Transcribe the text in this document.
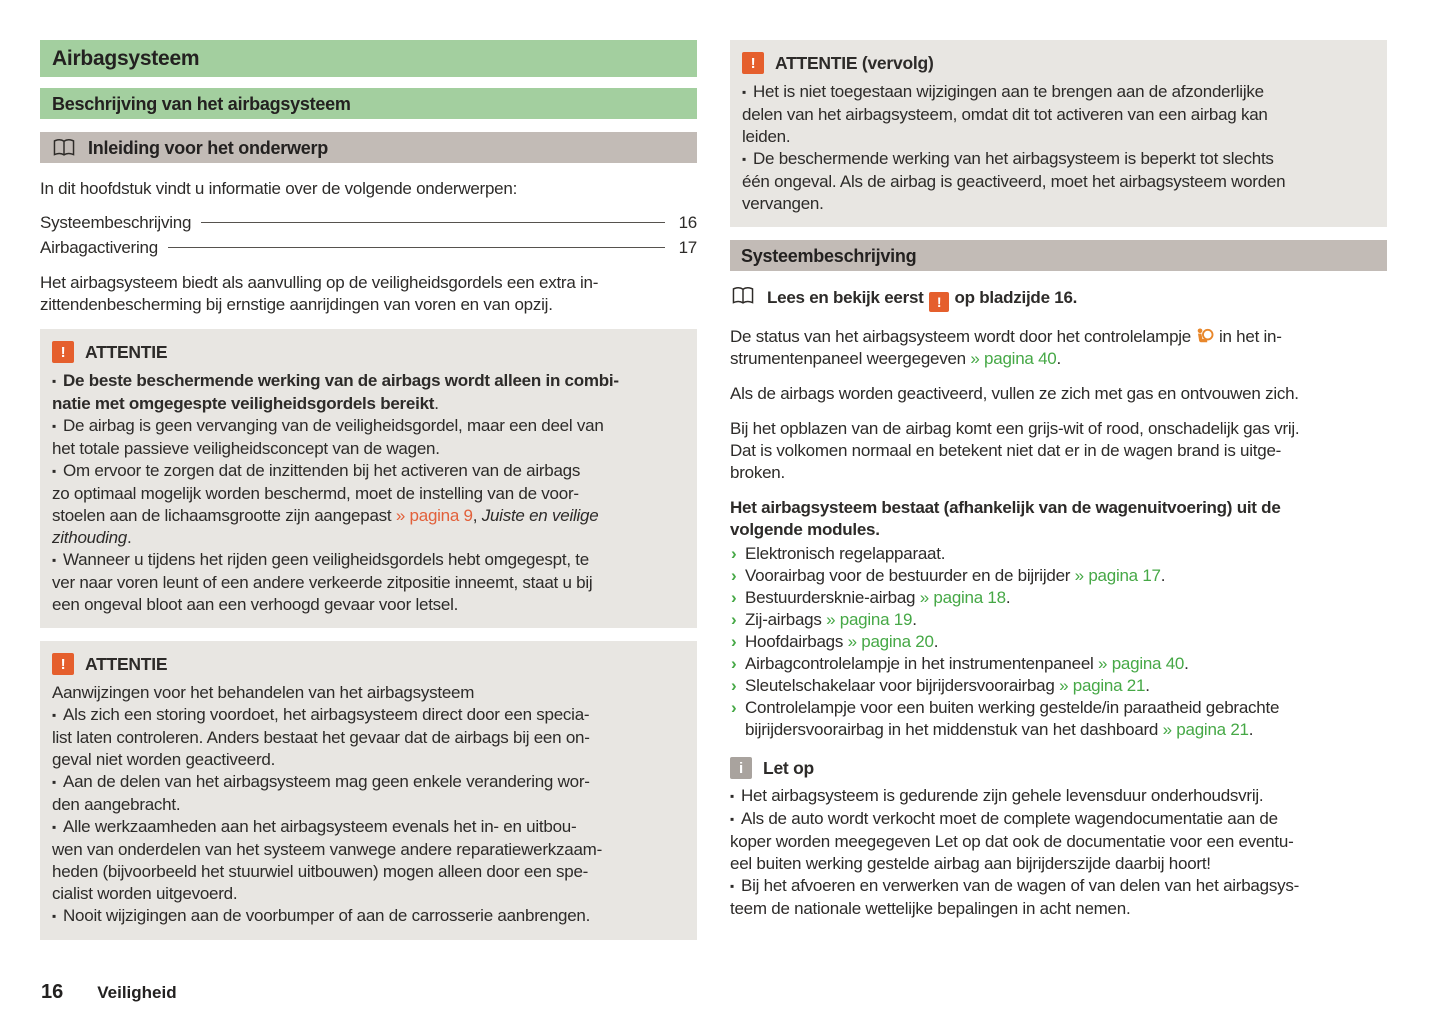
Airbagsysteem
Beschrijving van het airbagsysteem
Inleiding voor het onderwerp

In dit hoofdstuk vindt u informatie over de volgende onderwerpen:

Systeembeschrijving	16
Airbagactivering	17

Het airbagsysteem biedt als aanvulling op de veiligheidsgordels een extra in-
zittendenbescherming bij ernstige aanrijdingen van voren en van opzij.

!	ATTENTIE

▪ De beste beschermende werking van de airbags wordt alleen in combi-
natie met omgegespte veiligheidsgordels bereikt.

▪ De airbag is geen vervanging van de veiligheidsgordel, maar een deel van
het totale passieve veiligheidsconcept van de wagen.

▪ Om ervoor te zorgen dat de inzittenden bij het activeren van de airbags
zo optimaal mogelijk worden beschermd, moet de instelling van de voor-
stoelen aan de lichaamsgrootte zijn aangepast » pagina 9, Juiste en veilige
zithouding.

▪ Wanneer u tijdens het rijden geen veiligheidsgordels hebt omgegespt, te
ver naar voren leunt of een andere verkeerde zitpositie inneemt, staat u bij
een ongeval bloot aan een verhoogd gevaar voor letsel.

!	ATTENTIE

Aanwijzingen voor het behandelen van het airbagsysteem

▪ Als zich een storing voordoet, het airbagsysteem direct door een specia-
list laten controleren. Anders bestaat het gevaar dat de airbags bij een on-
geval niet worden geactiveerd.

▪ Aan de delen van het airbagsysteem mag geen enkele verandering wor-
den aangebracht.

▪ Alle werkzaamheden aan het airbagsysteem evenals het in- en uitbou-
wen van onderdelen van het systeem vanwege andere reparatiewerkzaam-
heden (bijvoorbeeld het stuurwiel uitbouwen) mogen alleen door een spe-
cialist worden uitgevoerd.

▪ Nooit wijzigingen aan de voorbumper of aan de carrosserie aanbrengen.

!	ATTENTIE (vervolg)

▪ Het is niet toegestaan wijzigingen aan te brengen aan de afzonderlijke
delen van het airbagsysteem, omdat dit tot activeren van een airbag kan
leiden.

▪ De beschermende werking van het airbagsysteem is beperkt tot slechts
één ongeval. Als de airbag is geactiveerd, moet het airbagsysteem worden
vervangen.

Systeembeschrijving
Lees en bekijk eerst ! op bladzijde 16.

De status van het airbagsysteem wordt door het controlelampje  in het in-
strumentenpaneel weergegeven » pagina 40.

Als de airbags worden geactiveerd, vullen ze zich met gas en ontvouwen zich.

Bij het opblazen van de airbag komt een grijs-wit of rood, onschadelijk gas vrij.
Dat is volkomen normaal en betekent niet dat er in de wagen brand is uitge-
broken.

Het airbagsysteem bestaat (afhankelijk van de wagenuitvoering) uit de
volgende modules.

› Elektronisch regelapparaat.

› Voorairbag voor de bestuurder en de bijrijder » pagina 17.

› Bestuurdersknie-airbag » pagina 18.

› Zij-airbags » pagina 19.

› Hoofdairbags » pagina 20.

› Airbagcontrolelampje in het instrumentenpaneel » pagina 40.

› Sleutelschakelaar voor bijrijdersvoorairbag » pagina 21.

› Controlelampje voor een buiten werking gestelde/in paraatheid gebrachte
bijrijdersvoorairbag in het middenstuk van het dashboard » pagina 21.

i	Let op

▪ Het airbagsysteem is gedurende zijn gehele levensduur onderhoudsvrij.

▪ Als de auto wordt verkocht moet de complete wagendocumentatie aan de
koper worden meegegeven Let op dat ook de documentatie voor een eventu-
eel buiten werking gestelde airbag aan bijrijderszijde daarbij hoort!

▪ Bij het afvoeren en verwerken van de wagen of van delen van het airbagsys-
teem de nationale wettelijke bepalingen in acht nemen.

16 Veiligheid
